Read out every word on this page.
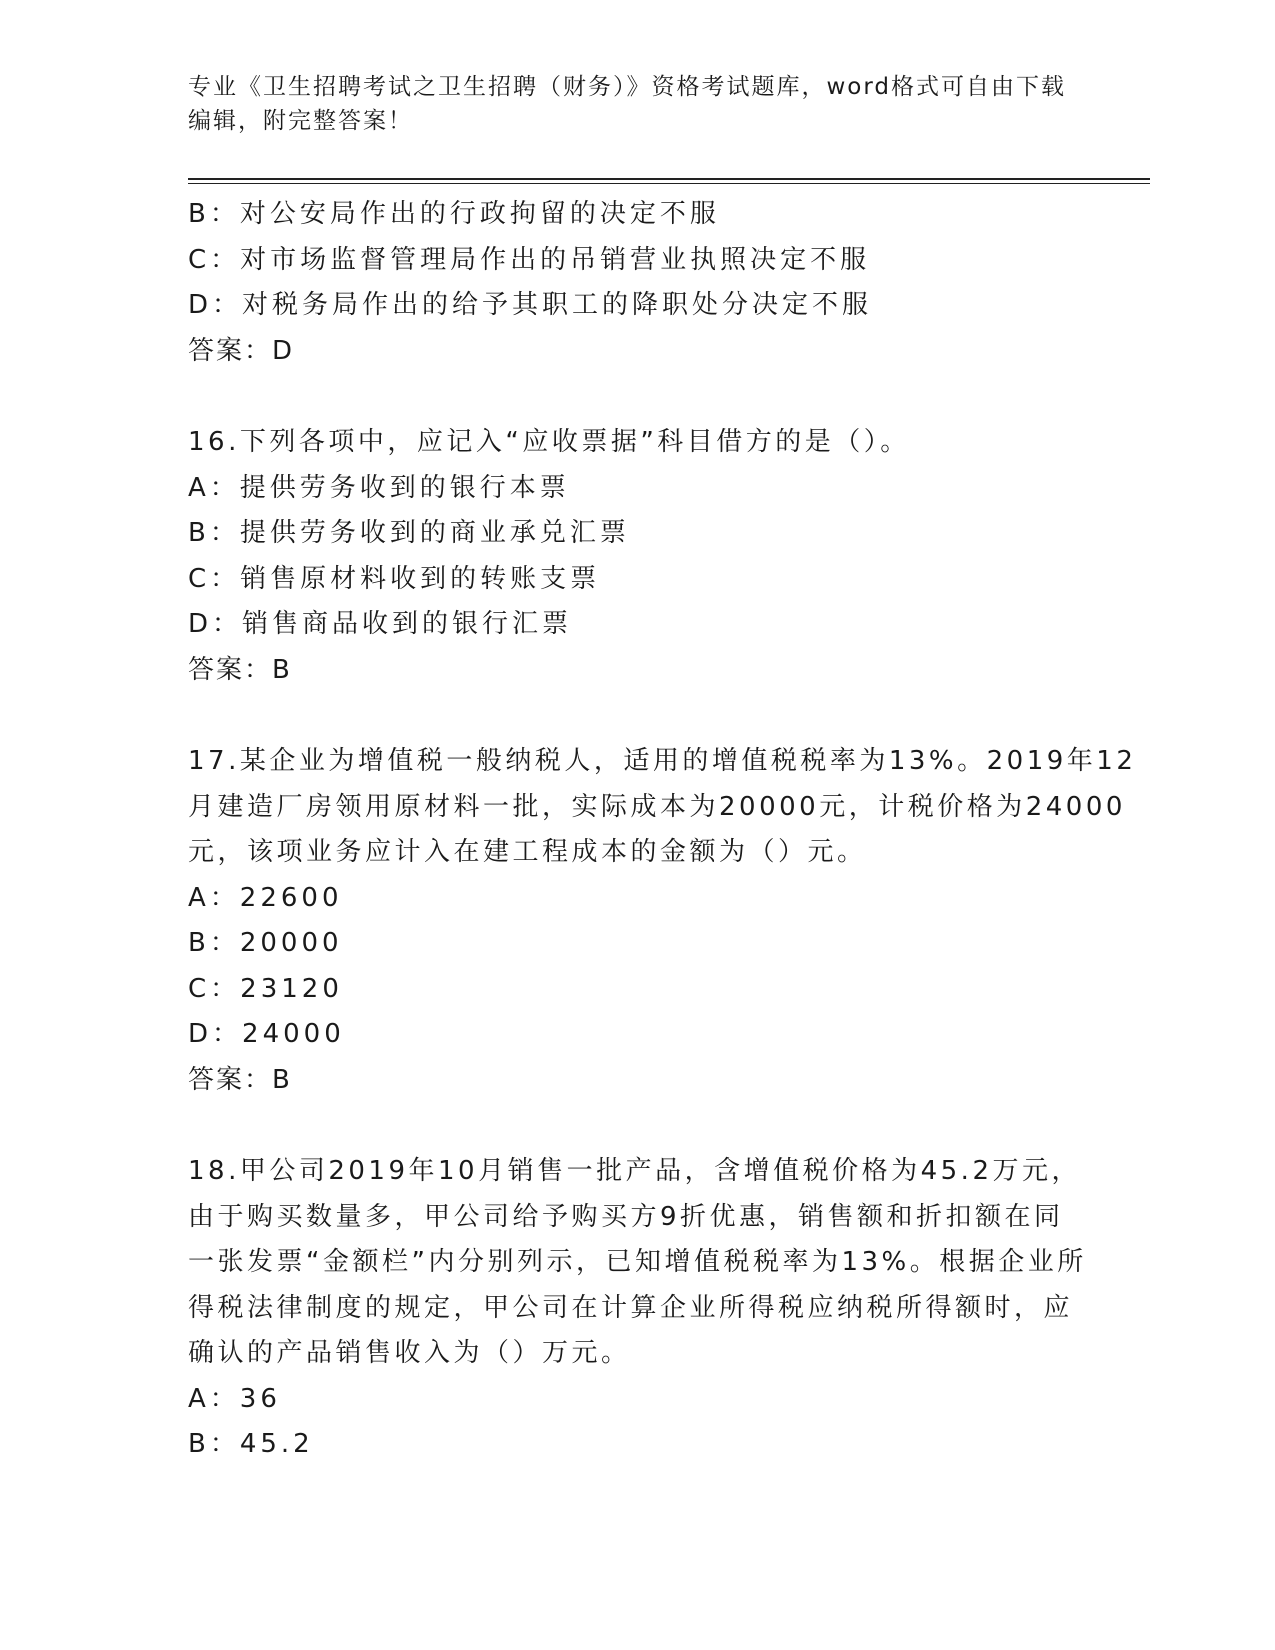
专业《卫生招聘考试之卫生招聘（财务）》资格考试题库，word格式可自由下载
编辑，附完整答案！
B：对公安局作出的行政拘留的决定不服
C：对市场监督管理局作出的吊销营业执照决定不服
D：对税务局作出的给予其职工的降职处分决定不服
答案：D
16.下列各项中，应记入“应收票据”科目借方的是（）。
A：提供劳务收到的银行本票
B：提供劳务收到的商业承兑汇票
C：销售原材料收到的转账支票
D：销售商品收到的银行汇票
答案：B
17.某企业为增值税一般纳税人，适用的增值税税率为13%。2019年12
月建造厂房领用原材料一批，实际成本为20000元，计税价格为24000
元，该项业务应计入在建工程成本的金额为（）元。
A：22600
B：20000
C：23120
D：24000
答案：B
18.甲公司2019年10月销售一批产品，含增值税价格为45.2万元，
由于购买数量多，甲公司给予购买方9折优惠，销售额和折扣额在同
一张发票“金额栏”内分别列示，已知增值税税率为13%。根据企业所
得税法律制度的规定，甲公司在计算企业所得税应纳税所得额时，应
确认的产品销售收入为（）万元。
A：36
B：45.2
